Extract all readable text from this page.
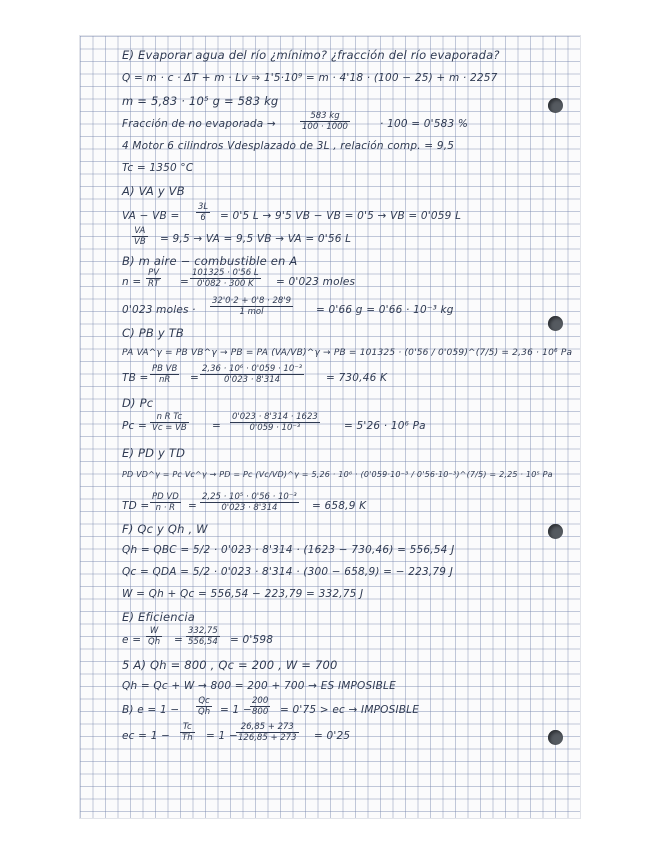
E) Evaporar agua del río ¿mínimo? ¿fracción del río evaporada?
Q = m · c · ΔT + m · Lv ⇒ 1'5·10⁹ = m · 4'18 · (100 − 25) + m · 2257
m = 5,83 · 10⁵ g = 583 kg
Fracción de no evaporada →	$\frac{583 kg}{100 \cdot 1000}$	· 100 = 0'583 %
4 Motor 6 cilindros Vdesplazado de 3L , relación comp. = 9,5
Tc = 1350 °C
A) VA y VB
VA − VB = $\frac{3L}{6} = 0'5$ L → 9'5 VB − VB = 0'5 → VB = 0'059 L
$\frac{VA}{VB} = 9,5$ → VA = 9,5 VB → VA = 0'56 L
B) m aire − combustible en A
$n = \frac{PV}{RT} = \frac{101325 \cdot 0'56 L}{0'082 \cdot 300 K} = 0'023$ moles
0'023 moles ·
32'0·2 + 0'8 · 28'9
1 mol	= 0'66 g = 0'66 · 10⁻³ kg
C) PB y TB
PA VA^γ = PB VB^γ → PB = PA (VA/VB)^γ → PB = 101325 · (0'56 / 0'059)^(7/5) = 2,36 · 10⁶ Pa
TB = $\frac{\text{PB VB}}{nR} = \frac{\text{2,36 · 10⁶ · 0'059 · 10⁻³}}{0'023 \cdot 8'314} = 730,46$ K
D) Pc
$Pc = \frac{\text{n R Tc}}{Vc = VB} = \frac{0'023 \cdot 8'314 \cdot 1623}{\text{0'059 · 10⁻³}} = 5'26 \cdot 10^6$ Pa
E) PD y TD
PD VD^γ = Pc Vc^γ → PD = Pc (Vc/VD)^γ = 5,26 · 10⁶ · (0'059·10⁻³ / 0'56·10⁻³)^(7/5) = 2,25 · 10⁵ Pa
TD = $\frac{\text{PD VD}}{n \cdot R} = \frac{\text{2,25 · 10⁵ · 0'56 · 10⁻³}}{0'023 \cdot 8'314} = 658,9$ K
F) Qc y Qh , W
Qh = QBC = 5/2 · 0'023 · 8'314 · (1623 − 730,46) = 556,54 J
Qc = QDA = 5/2 · 0'023 · 8'314 · (300 − 658,9) = − 223,79 J
W = Qh + Qc = 556,54 − 223,79 = 332,75 J
E) Eficiencia
$e = \frac{W}{Qh} = \frac{332,75}{556,54} = 0'598$
5 A) Qh = 800 , Qc = 200 , W = 700
Qh = Qc + W → 800 = 200 + 700 → ES IMPOSIBLE
B) $e = 1 - \frac{Qc}{Qh} = 1$ −
$\frac{200}{800} = 0'75$ > ec → IMPOSIBLE
ec = $1 - \frac{Tc}{Th} = 1$ −
$\frac{26,85 + 273}{126,85 + 273} = 0'25$
